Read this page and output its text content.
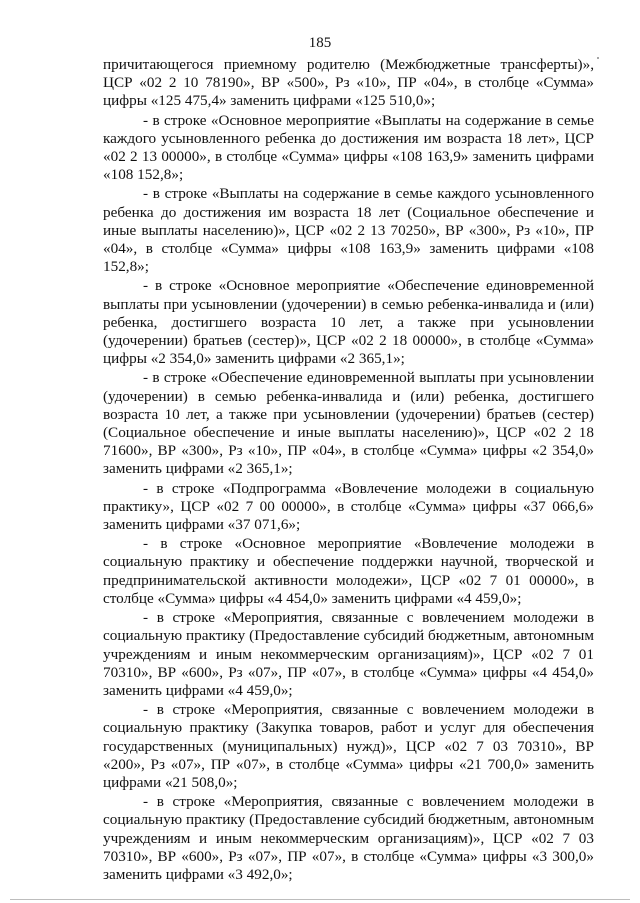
185

причитающегося приемному родителю (Межбюджетные трансферты)», ЦСР «02 2 10 78190», ВР «500», Рз «10», ПР «04», в столбце «Сумма» цифры «125 475,4» заменить цифрами «125 510,0»;

- в строке «Основное мероприятие «Выплаты на содержание в семье каждого усыновленного ребенка до достижения им возраста 18 лет», ЦСР «02 2 13 00000», в столбце «Сумма» цифры «108 163,9» заменить цифрами «108 152,8»;

- в строке «Выплаты на содержание в семье каждого усыновленного ребенка до достижения им возраста 18 лет (Социальное обеспечение и иные выплаты населению)», ЦСР «02 2 13 70250», ВР «300», Рз «10», ПР «04», в столбце «Сумма» цифры «108 163,9» заменить цифрами «108 152,8»;

- в строке «Основное мероприятие «Обеспечение единовременной выплаты при усыновлении (удочерении) в семью ребенка-инвалида и (или) ребенка, достигшего возраста 10 лет, а также при усыновлении (удочерении) братьев (сестер)», ЦСР «02 2 18 00000», в столбце «Сумма» цифры «2 354,0» заменить цифрами «2 365,1»;

- в строке «Обеспечение единовременной выплаты при усыновлении (удочерении) в семью ребенка-инвалида и (или) ребенка, достигшего возраста 10 лет, а также при усыновлении (удочерении) братьев (сестер) (Социальное обеспечение и иные выплаты населению)», ЦСР «02 2 18 71600», ВР «300», Рз «10», ПР «04», в столбце «Сумма» цифры «2 354,0» заменить цифрами «2 365,1»;

- в строке «Подпрограмма «Вовлечение молодежи в социальную практику», ЦСР «02 7 00 00000», в столбце «Сумма» цифры «37 066,6» заменить цифрами «37 071,6»;

- в строке «Основное мероприятие «Вовлечение молодежи в социальную практику и обеспечение поддержки научной, творческой и предпринимательской активности молодежи», ЦСР «02 7 01 00000», в столбце «Сумма» цифры «4 454,0» заменить цифрами «4 459,0»;

- в строке «Мероприятия, связанные с вовлечением молодежи в социальную практику (Предоставление субсидий бюджетным, автономным учреждениям и иным некоммерческим организациям)», ЦСР «02 7 01 70310», ВР «600», Рз «07», ПР «07», в столбце «Сумма» цифры «4 454,0» заменить цифрами «4 459,0»;

- в строке «Мероприятия, связанные с вовлечением молодежи в социальную практику (Закупка товаров, работ и услуг для обеспечения государственных (муниципальных) нужд)», ЦСР «02 7 03 70310», ВР «200», Рз «07», ПР «07», в столбце «Сумма» цифры «21 700,0» заменить цифрами «21 508,0»;

- в строке «Мероприятия, связанные с вовлечением молодежи в социальную практику (Предоставление субсидий бюджетным, автономным учреждениям и иным некоммерческим организациям)», ЦСР «02 7 03 70310», ВР «600», Рз «07», ПР «07», в столбце «Сумма» цифры «3 300,0» заменить цифрами «3 492,0»;
